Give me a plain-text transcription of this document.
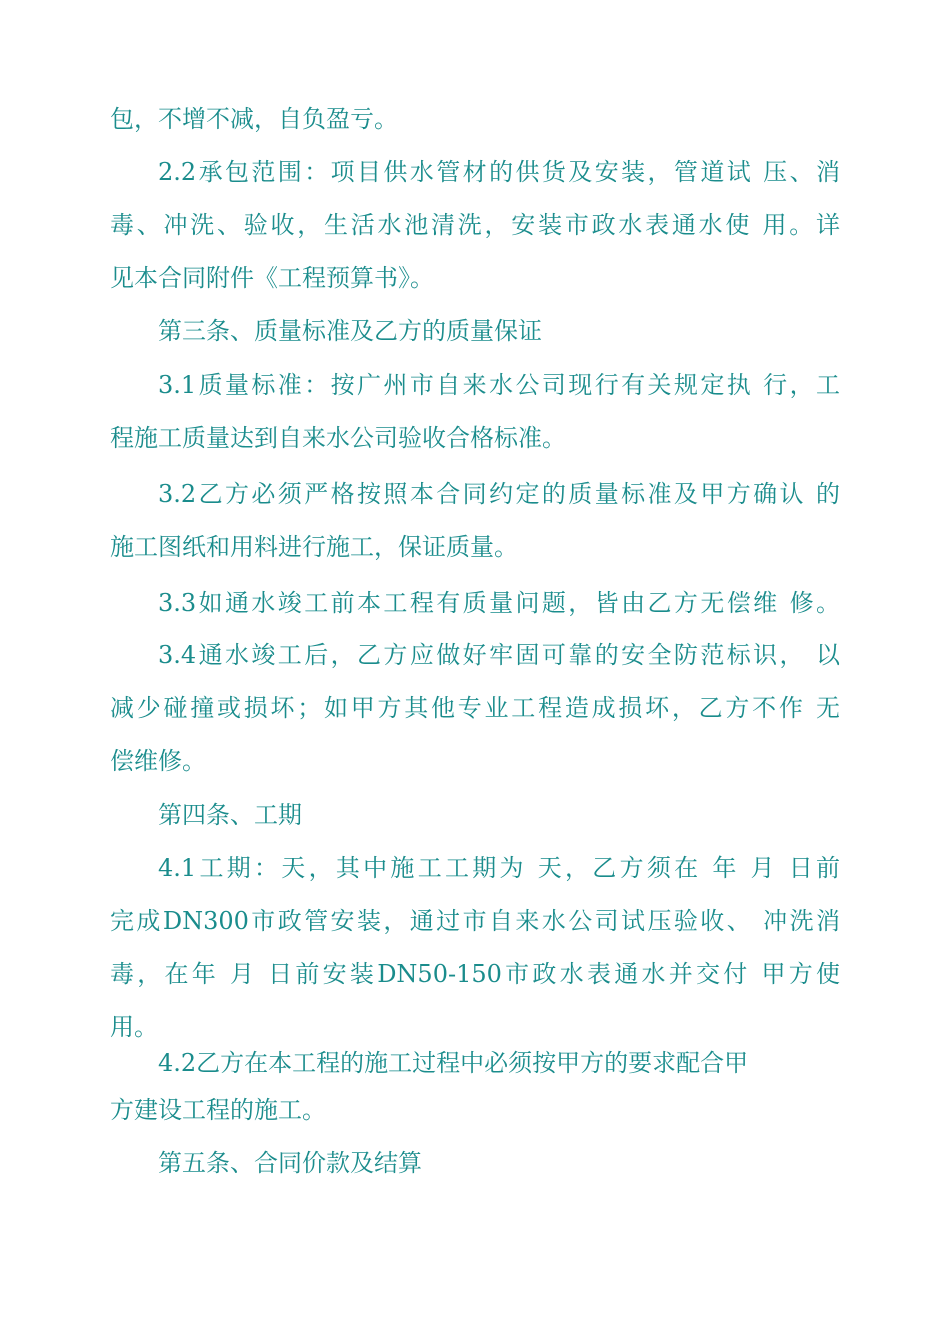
包，不增不减，自负盈亏。
2.2承包范围：项目供水管材的供货及安装，管道试 压、消
毒、冲洗、验收，生活水池清洗，安装市政水表通水使 用。详
见本合同附件《工程预算书》。
第三条、质量标准及乙方的质量保证
3.1质量标准：按广州市自来水公司现行有关规定执 行，工
程施工质量达到自来水公司验收合格标准。
3.2乙方必须严格按照本合同约定的质量标准及甲方确认 的
施工图纸和用料进行施工，保证质量。
3.3如通水竣工前本工程有质量问题，皆由乙方无偿维 修。
3.4通水竣工后，乙方应做好牢固可靠的安全防范标识， 以
减少碰撞或损坏；如甲方其他专业工程造成损坏，乙方不作 无
偿维修。
第四条、工期
4.1工期：天，其中施工工期为 天，乙方须在 年 月 日前
完成DN300市政管安装，通过市自来水公司试压验收、 冲洗消
毒，在年 月 日前安装DN50-150市政水表通水并交付 甲方使
用。
4.2乙方在本工程的施工过程中必须按甲方的要求配合甲
方建设工程的施工。
第五条、合同价款及结算
